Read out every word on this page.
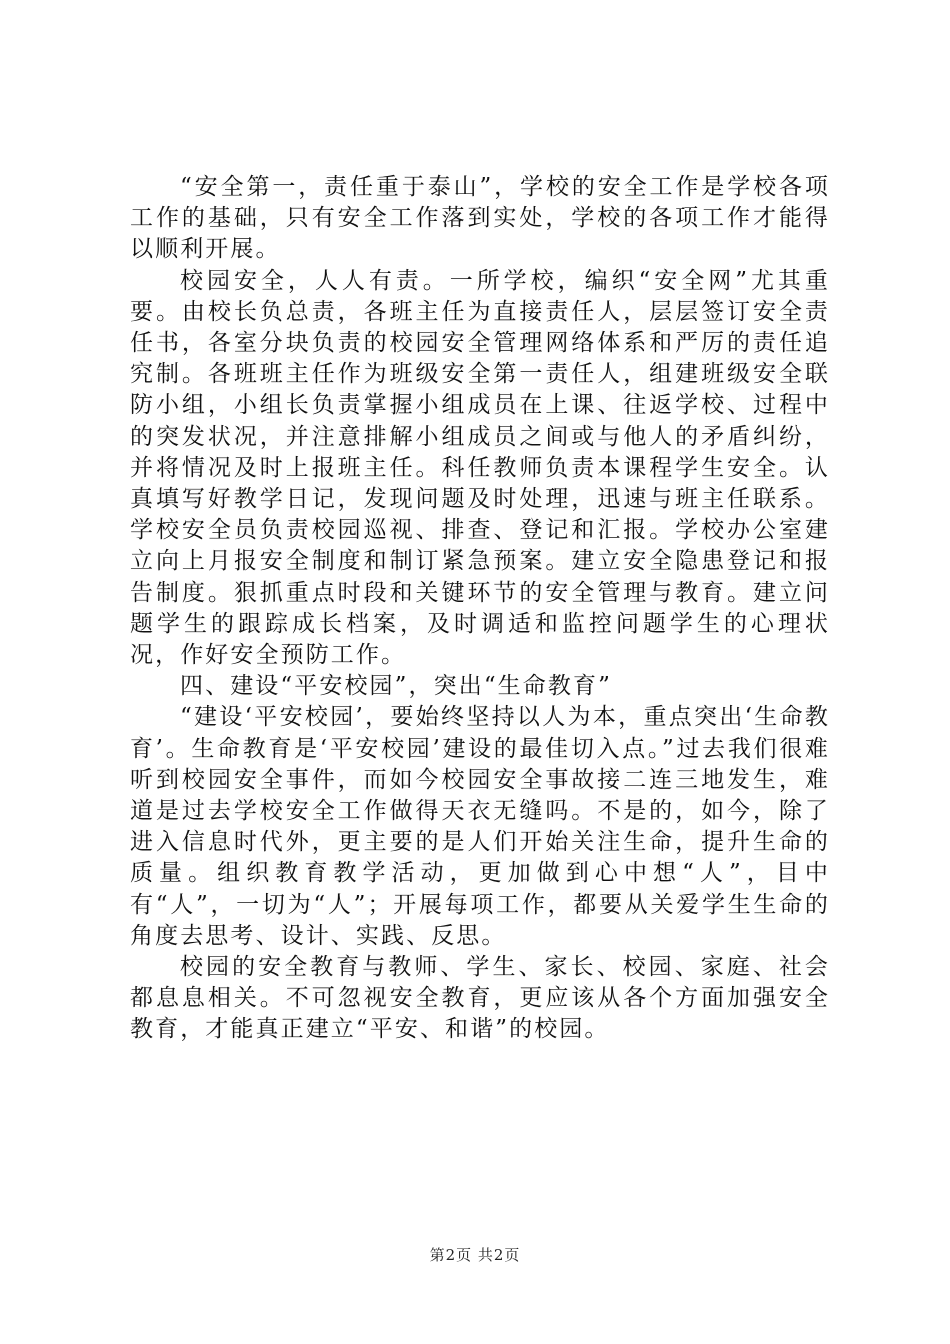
“安全第一，责任重于泰山”，学校的安全工作是学校各项工作的基础，只有安全工作落到实处，学校的各项工作才能得以顺利开展。

校园安全，人人有责。一所学校，编织“安全网”尤其重要。由校长负总责，各班主任为直接责任人，层层签订安全责任书，各室分块负责的校园安全管理网络体系和严厉的责任追究制。各班班主任作为班级安全第一责任人，组建班级安全联防小组，小组长负责掌握小组成员在上课、往返学校、过程中的突发状况，并注意排解小组成员之间或与他人的矛盾纠纷，并将情况及时上报班主任。科任教师负责本课程学生安全。认真填写好教学日记，发现问题及时处理，迅速与班主任联系。学校安全员负责校园巡视、排查、登记和汇报。学校办公室建立向上月报安全制度和制订紧急预案。建立安全隐患登记和报告制度。狠抓重点时段和关键环节的安全管理与教育。建立问题学生的跟踪成长档案，及时调适和监控问题学生的心理状况，作好安全预防工作。

四、建设“平安校园”，突出“生命教育”

“建设‘平安校园’，要始终坚持以人为本，重点突出‘生命教育’。生命教育是‘平安校园’建设的最佳切入点。”过去我们很难听到校园安全事件，而如今校园安全事故接二连三地发生，难道是过去学校安全工作做得天衣无缝吗。不是的，如今，除了进入信息时代外，更主要的是人们开始关注生命，提升生命的质量。组织教育教学活动，更加做到心中想“人”，目中有“人”，一切为“人”；开展每项工作，都要从关爱学生生命的角度去思考、设计、实践、反思。

校园的安全教育与教师、学生、家长、校园、家庭、社会都息息相关。不可忽视安全教育，更应该从各个方面加强安全教育，才能真正建立“平安、和谐”的校园。

第2页 共2页
